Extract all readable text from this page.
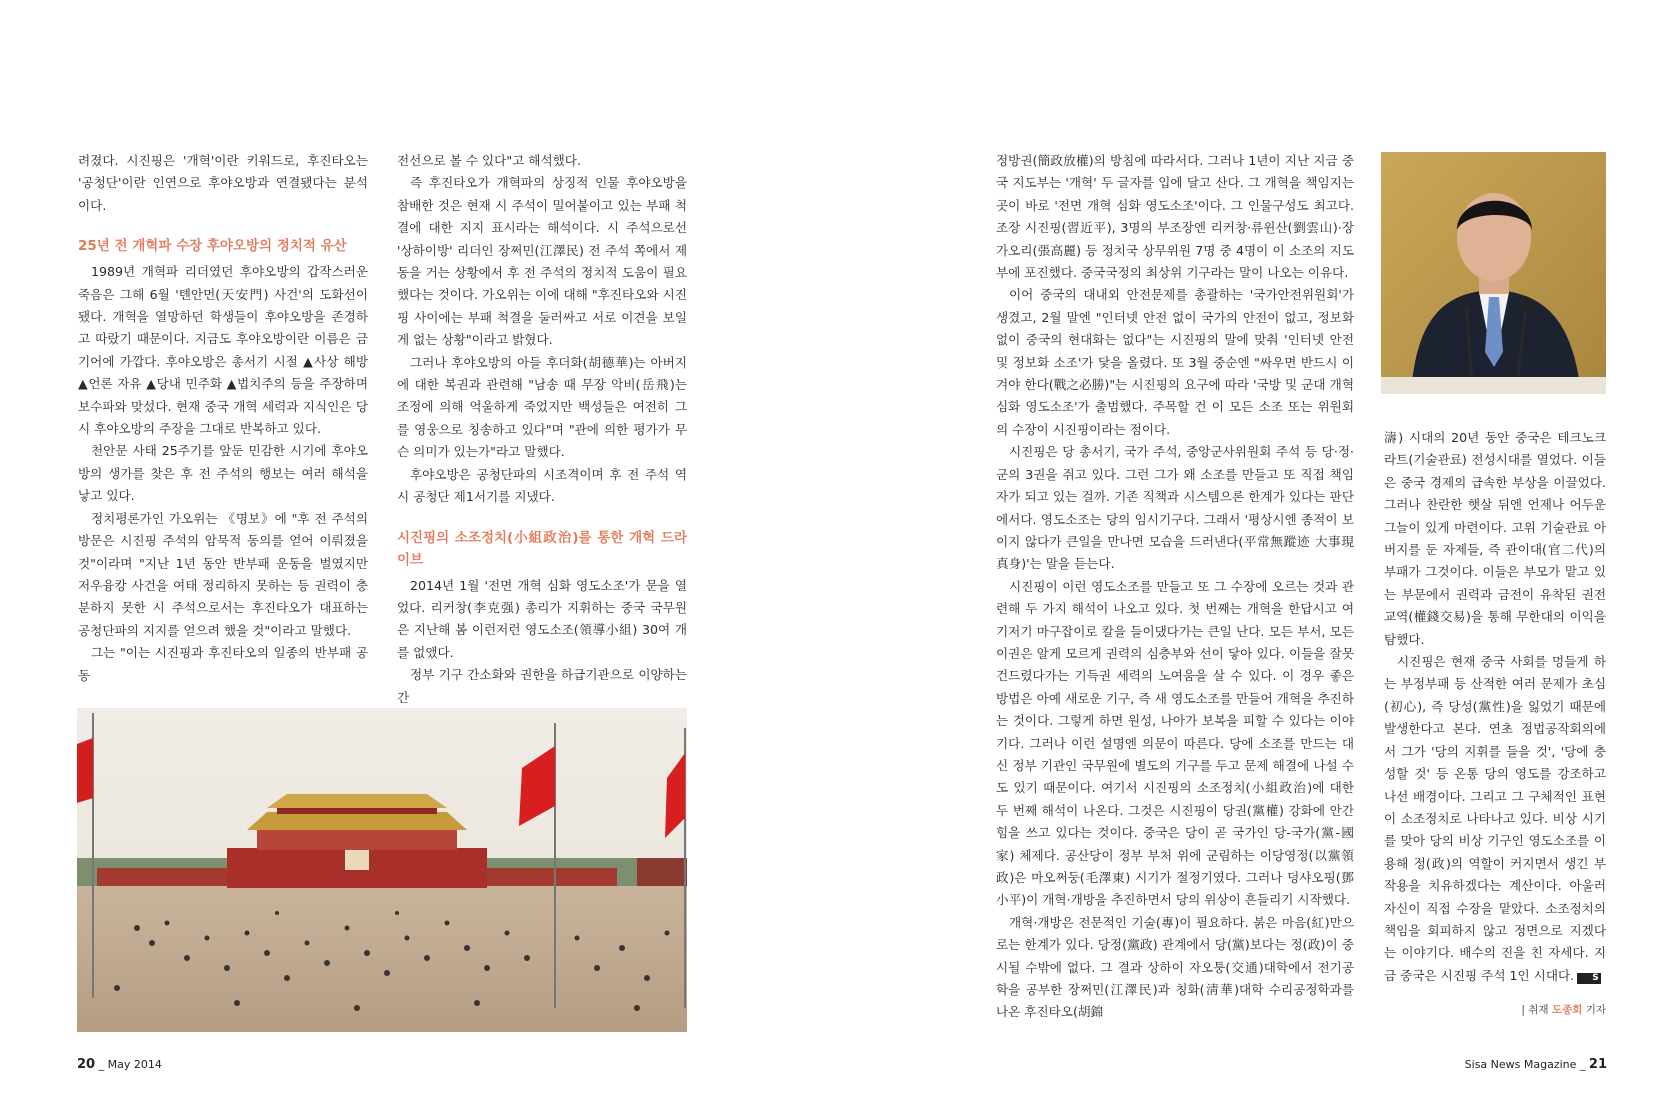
려졌다. 시진핑은 '개혁'이란 키워드로, 후진타오는 '공청단'이란 인연으로 후야오방과 연결됐다는 분석이다.

25년 전 개혁파 수장 후야오방의 정치적 유산

1989년 개혁파 리더였던 후야오방의 갑작스러운 죽음은 그해 6월 '톈안먼(天安門) 사건'의 도화선이 됐다. 개혁을 열망하던 학생들이 후야오방을 존경하고 따랐기 때문이다. 지금도 후야오방이란 이름은 금기어에 가깝다. 후야오방은 총서기 시절 ▲사상 해방 ▲언론 자유 ▲당내 민주화 ▲법치주의 등을 주장하며 보수파와 맞섰다. 현재 중국 개혁 세력과 지식인은 당시 후야오방의 주장을 그대로 반복하고 있다.

천안문 사태 25주기를 앞둔 민감한 시기에 후야오방의 생가를 찾은 후 전 주석의 행보는 여러 해석을 낳고 있다.

정치평론가인 가오위는 《명보》에 "후 전 주석의 방문은 시진핑 주석의 암묵적 동의를 얻어 이뤄졌을 것"이라며 "지난 1년 동안 반부패 운동을 벌였지만 저우융캉 사건을 여태 정리하지 못하는 등 권력이 충분하지 못한 시 주석으로서는 후진타오가 대표하는 공청단파의 지지를 얻으려 했을 것"이라고 말했다.

그는 "이는 시진핑과 후진타오의 일종의 반부패 공동

전선으로 볼 수 있다"고 해석했다.

즉 후진타오가 개혁파의 상징적 인물 후야오방을 참배한 것은 현재 시 주석이 밀어붙이고 있는 부패 척결에 대한 지지 표시라는 해석이다. 시 주석으로선 '상하이방' 리더인 장쩌민(江澤民) 전 주석 쪽에서 제동을 거는 상황에서 후 전 주석의 정치적 도움이 필요했다는 것이다. 가오위는 이에 대해 "후진타오와 시진핑 사이에는 부패 척결을 둘러싸고 서로 이견을 보일 게 없는 상황"이라고 밝혔다.

그러나 후야오방의 아들 후더화(胡德華)는 아버지에 대한 복권과 관련해 "남송 때 무장 악비(岳飛)는 조정에 의해 억울하게 죽었지만 백성들은 여전히 그를 영웅으로 칭송하고 있다"며 "관에 의한 평가가 무슨 의미가 있는가"라고 말했다.

후야오방은 공청단파의 시조격이며 후 전 주석 역시 공청단 제1서기를 지냈다.

시진핑의 소조정치(小組政治)를 통한 개혁 드라이브

2014년 1월 '전면 개혁 심화 영도소조'가 문을 열었다. 리커창(李克强) 총리가 지휘하는 중국 국무원은 지난해 봄 이런저런 영도소조(領導小組) 30여 개를 없앴다.

정부 기구 간소화와 권한을 하급기관으로 이양하는 간

20 _ May 2014

정방권(簡政放權)의 방침에 따라서다. 그러나 1년이 지난 지금 중국 지도부는 '개혁' 두 글자를 입에 달고 산다. 그 개혁을 책임지는 곳이 바로 '전면 개혁 심화 영도소조'이다. 그 인물구성도 최고다. 조장 시진핑(習近平), 3명의 부조장엔 리커창·류윈산(劉雲山)·장가오리(張高麗) 등 정치국 상무위원 7명 중 4명이 이 소조의 지도부에 포진했다. 중국국정의 최상위 기구라는 말이 나오는 이유다.

이어 중국의 대내외 안전문제를 총괄하는 '국가안전위원회'가 생겼고, 2월 말엔 "인터넷 안전 없이 국가의 안전이 없고, 정보화 없이 중국의 현대화는 없다"는 시진핑의 말에 맞춰 '인터넷 안전 및 정보화 소조'가 닻을 올렸다. 또 3월 중순엔 "싸우면 반드시 이겨야 한다(戰之必勝)"는 시진핑의 요구에 따라 '국방 및 군대 개혁심화 영도소조'가 출범했다. 주목할 건 이 모든 소조 또는 위원회의 수장이 시진핑이라는 점이다.

시진핑은 당 총서기, 국가 주석, 중앙군사위원회 주석 등 당·정·군의 3권을 쥐고 있다. 그런 그가 왜 소조를 만들고 또 직접 책임자가 되고 있는 걸까. 기존 직책과 시스템으론 한계가 있다는 판단에서다. 영도소조는 당의 임시기구다. 그래서 '평상시엔 종적이 보이지 않다가 큰일을 만나면 모습을 드러낸다(平常無蹤迹 大事現真身)'는 말을 듣는다.

시진핑이 이런 영도소조를 만들고 또 그 수장에 오르는 것과 관련해 두 가지 해석이 나오고 있다. 첫 번째는 개혁을 한답시고 여기저기 마구잡이로 칼을 들이댔다가는 큰일 난다. 모든 부서, 모든 이권은 알게 모르게 권력의 심층부와 선이 닿아 있다. 이들을 잘못 건드렸다가는 기득권 세력의 노여움을 살 수 있다. 이 경우 좋은 방법은 아예 새로운 기구, 즉 새 영도소조를 만들어 개혁을 추진하는 것이다. 그렇게 하면 원성, 나아가 보복을 피할 수 있다는 이야기다. 그러나 이런 설명엔 의문이 따른다. 당에 소조를 만드는 대신 정부 기관인 국무원에 별도의 기구를 두고 문제 해결에 나설 수도 있기 때문이다. 여기서 시진핑의 소조정치(小組政治)에 대한 두 번째 해석이 나온다. 그것은 시진핑이 당권(黨權) 강화에 안간힘을 쓰고 있다는 것이다. 중국은 당이 곧 국가인 당-국가(黨-國家) 체제다. 공산당이 정부 부처 위에 군림하는 이당영정(以黨領政)은 마오쩌둥(毛澤東) 시기가 절정기였다. 그러나 덩샤오핑(鄧小平)이 개혁·개방을 추진하면서 당의 위상이 흔들리기 시작했다.

개혁·개방은 전문적인 기술(專)이 필요하다. 붉은 마음(紅)만으로는 한계가 있다. 당정(黨政) 관계에서 당(黨)보다는 정(政)이 중시될 수밖에 없다. 그 결과 상하이 자오퉁(交通)대학에서 전기공학을 공부한 장쩌민(江澤民)과 칭화(淸華)대학 수리공정학과를 나온 후진타오(胡錦

濤) 시대의 20년 동안 중국은 테크노크라트(기술관료) 전성시대를 열었다. 이들은 중국 경제의 급속한 부상을 이끌었다. 그러나 찬란한 햇살 뒤엔 언제나 어두운 그늘이 있게 마련이다. 고위 기술관료 아버지를 둔 자제들, 즉 관이대(官二代)의 부패가 그것이다. 이들은 부모가 맡고 있는 부문에서 권력과 금전이 유착된 권전교역(權錢交易)을 통해 무한대의 이익을 탐했다.

시진핑은 현재 중국 사회를 멍들게 하는 부정부패 등 산적한 여러 문제가 초심(初心), 즉 당성(黨性)을 잃었기 때문에 발생한다고 본다. 연초 정법공작회의에서 그가 '당의 지휘를 들을 것', '당에 충성할 것' 등 온통 당의 영도를 강조하고 나선 배경이다. 그리고 그 구체적인 표현이 소조정치로 나타나고 있다. 비상 시기를 맞아 당의 비상 기구인 영도소조를 이용해 정(政)의 역할이 커지면서 생긴 부작용을 치유하겠다는 계산이다. 아울러 자신이 직접 수장을 맡았다. 소조정치의 책임을 회피하지 않고 정면으로 지겠다는 이야기다. 배수의 진을 친 자세다. 지금 중국은 시진핑 주석 1인 시대다. S

| 취재 도종회 기자
Sisa News Magazine _ 21
